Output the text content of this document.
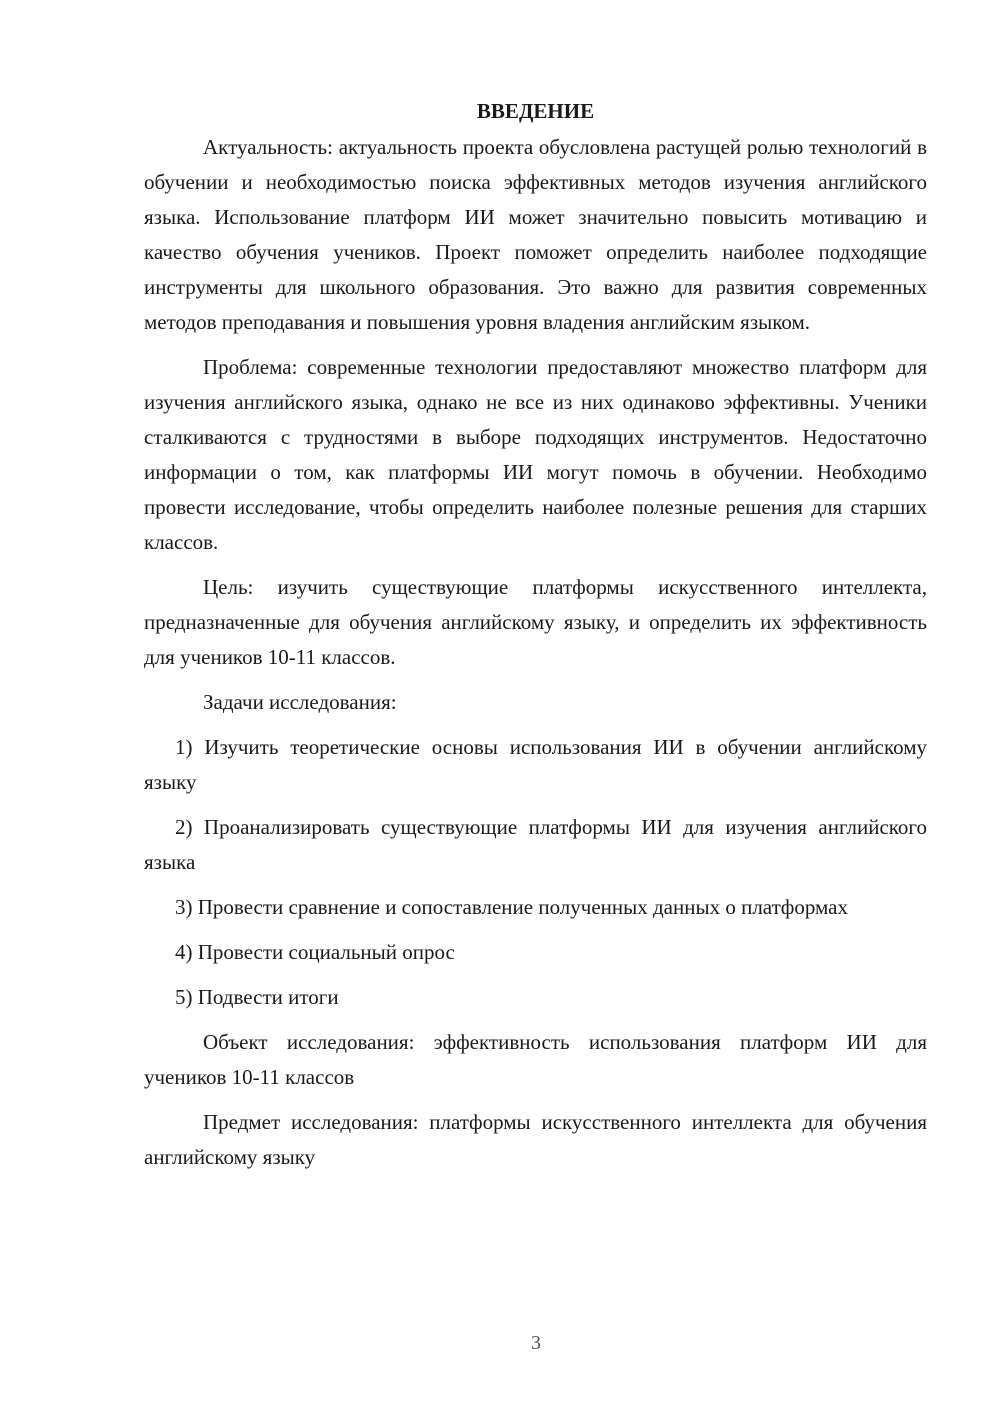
ВВЕДЕНИЕ

Актуальность: актуальность проекта обусловлена растущей ролью технологий в обучении и необходимостью поиска эффективных методов изучения английского языка. Использование платформ ИИ может значительно повысить мотивацию и качество обучения учеников. Проект поможет определить наиболее подходящие инструменты для школьного образования. Это важно для развития современных методов преподавания и повышения уровня владения английским языком.

Проблема: современные технологии предоставляют множество платформ для изучения английского языка, однако не все из них одинаково эффективны. Ученики сталкиваются с трудностями в выборе подходящих инструментов. Недостаточно информации о том, как платформы ИИ могут помочь в обучении. Необходимо провести исследование, чтобы определить наиболее полезные решения для старших классов.

Цель: изучить существующие платформы искусственного интеллекта, предназначенные для обучения английскому языку, и определить их эффективность для учеников 10-11 классов.

Задачи исследования:

1) Изучить теоретические основы использования ИИ в обучении английскому языку

2) Проанализировать существующие платформы ИИ для изучения английского языка

3) Провести сравнение и сопоставление полученных данных о платформах

4) Провести социальный опрос

5) Подвести итоги

Объект исследования: эффективность использования платформ ИИ для учеников 10-11 классов

Предмет исследования: платформы искусственного интеллекта для обучения английскому языку

3
